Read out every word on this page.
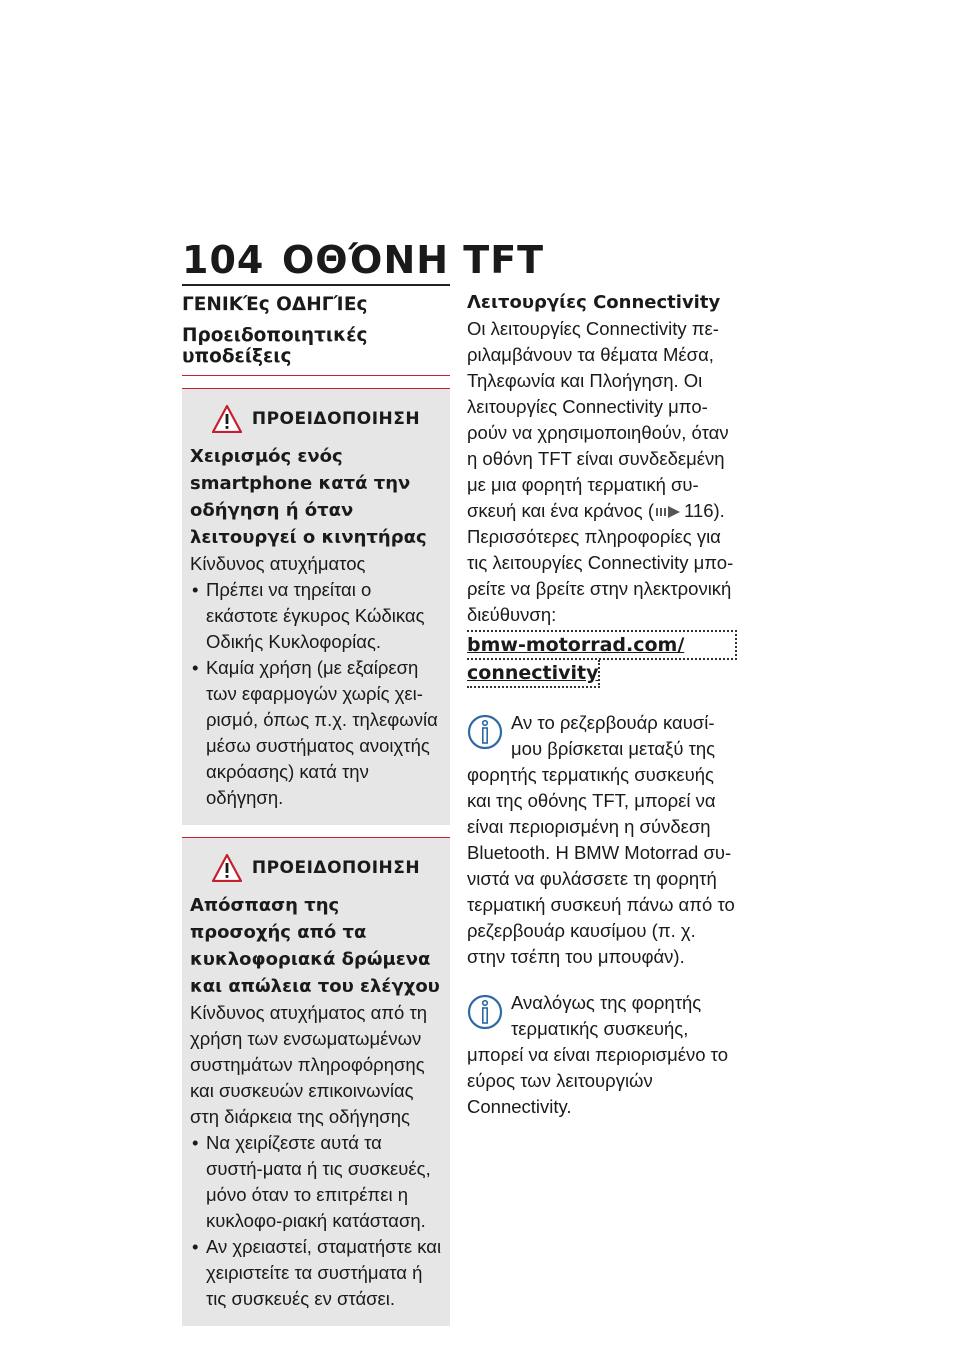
104 ΟΘΌΝΗ TFT
ΓΕΝΙΚΈς ΟΔΗΓΊΕς
Προειδοποιητικές υποδείξεις
ΠΡΟΕΙΔΟΠΟΙΗΣΗ

Χειρισμός ενός smartphone κατά την οδήγηση ή όταν λειτουργεί ο κινητήρας

Κίνδυνος ατυχήματος

• Πρέπει να τηρείται ο εκάστοτε έγκυρος Κώδικας Οδικής Κυκλοφορίας.
• Καμία χρήση (με εξαίρεση των εφαρμογών χωρίς χει-ρισμό, όπως π.χ. τηλεφωνία μέσω συστήματος ανοιχτής ακρόασης) κατά την οδήγηση.
ΠΡΟΕΙΔΟΠΟΙΗΣΗ

Απόσπαση της προσοχής από τα κυκλοφοριακά δρώμενα και απώλεια του ελέγχου

Κίνδυνος ατυχήματος από τη χρήση των ενσωματωμένων συστημάτων πληροφόρησης και συσκευών επικοινωνίας στη διάρκεια της οδήγησης

• Να χειρίζεστε αυτά τα συστή-ματα ή τις συσκευές, μόνο όταν το επιτρέπει η κυκλοφο-ριακή κατάσταση.
• Αν χρειαστεί, σταματήστε και χειριστείτε τα συστήματα ή τις συσκευές εν στάσει.

Λειτουργίες Connectivity

Οι λειτουργίες Connectivity πε-ριλαμβάνουν τα θέματα Μέσα, Τηλεφωνία και Πλοήγηση. Οι λειτουργίες Connectivity μπο-ρούν να χρησιμοποιηθούν, όταν η οθόνη TFT είναι συνδεδεμένη με μια φορητή τερματική συ-σκευή και ένα κράνος ( 116).

Περισσότερες πληροφορίες για τις λειτουργίες Connectivity μπο-ρείτε να βρείτε στην ηλεκτρονική διεύθυνση:

bmw-motorrad.com/
connectivity
Αν το ρεζερβουάρ καυσί-μου βρίσκεται μεταξύ της φορητής τερματικής συσκευής και της οθόνης TFT, μπορεί να είναι περιορισμένη η σύνδεση Bluetooth. Η BMW Motorrad συ-νιστά να φυλάσσετε τη φορητή τερματική συσκευή πάνω από το ρεζερβουάρ καυσίμου (π. χ. στην τσέπη του μπουφάν).
Αναλόγως της φορητής τερματικής συσκευής, μπορεί να είναι περιορισμένο το εύρος των λειτουργιών Connectivity.
